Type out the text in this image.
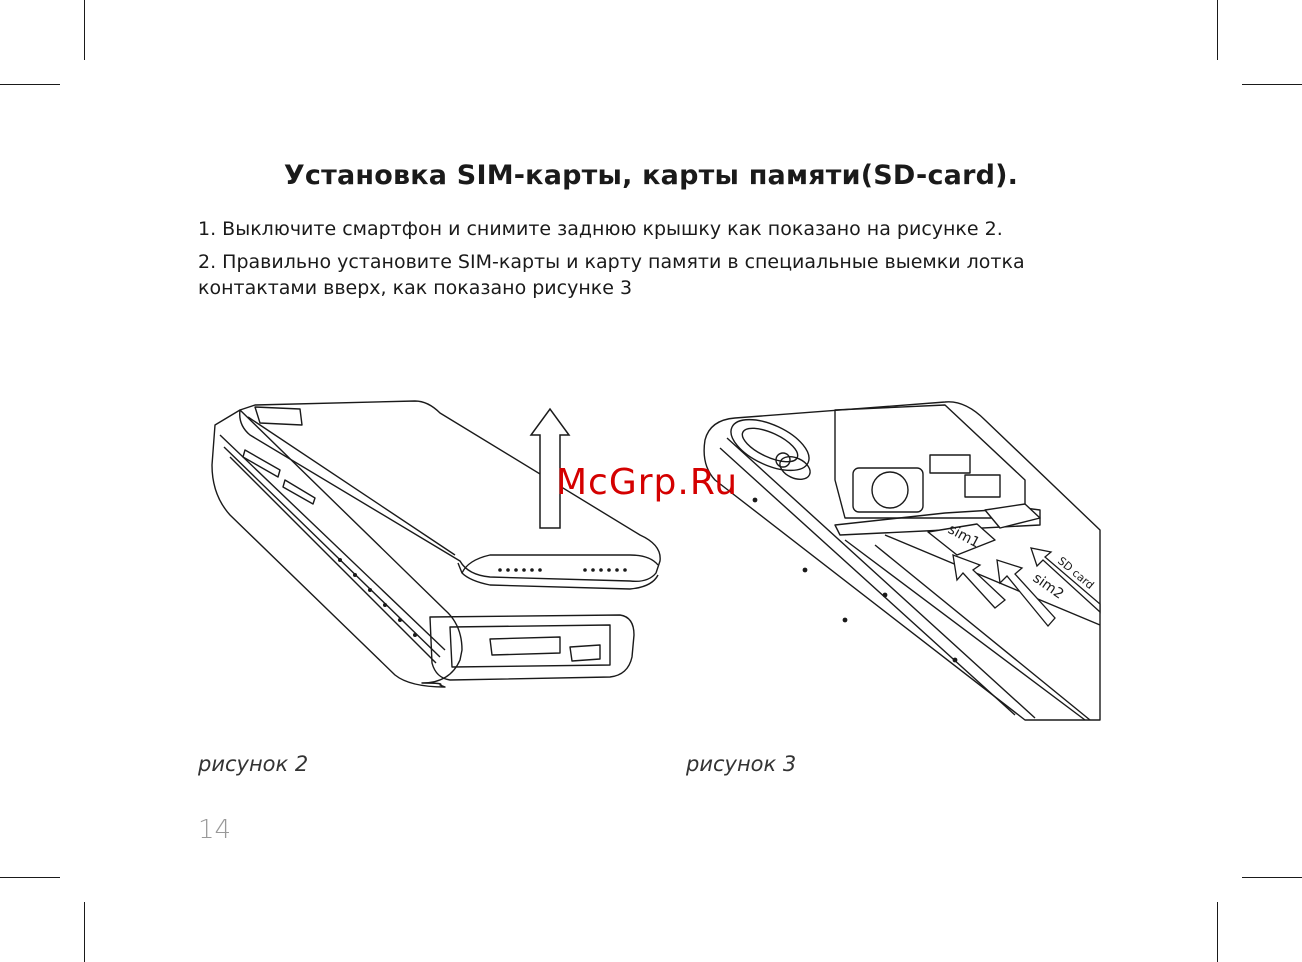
Установка SIM-карты, карты памяти(SD-card).
1. Выключите смартфон и снимите заднюю крышку как показано на рисунке 2.
2. Правильно установите SIM-карты и карту памяти в специальные выемки лотка контактами вверх, как показано рисунке 3
sim1
sim2
SD card
McGrp.Ru
рисунок 2	рисунок 3
14
